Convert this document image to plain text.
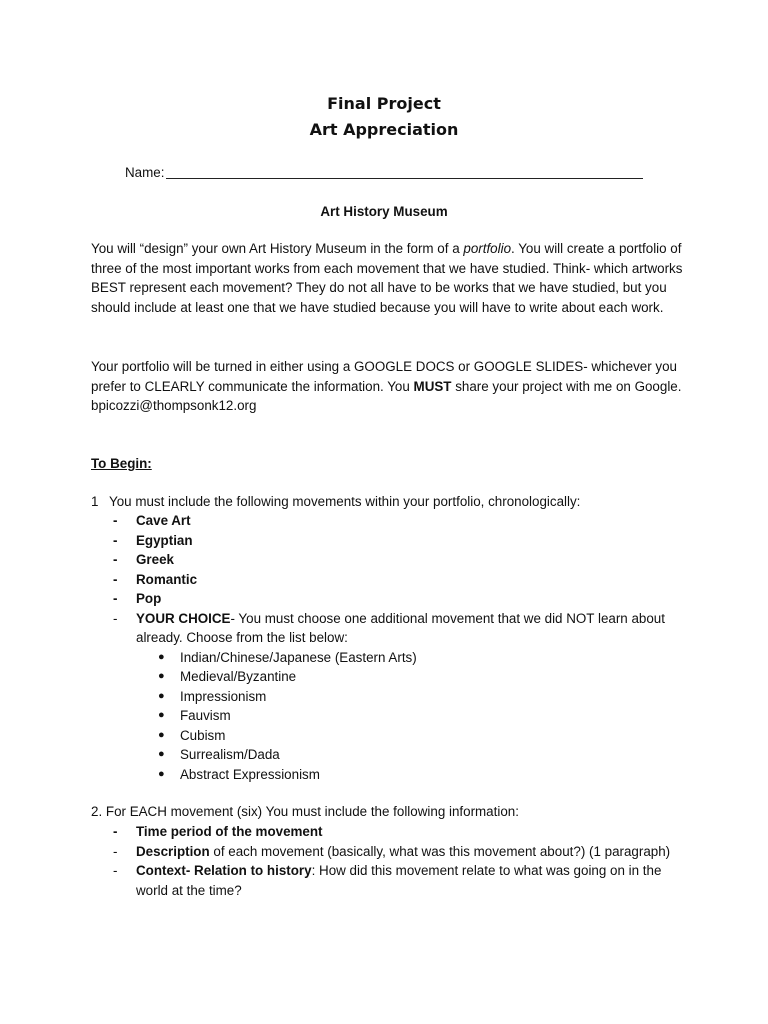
Final Project
Art Appreciation
Name:
Art History Museum

You will “design” your own Art History Museum in the form of a portfolio. You will create a portfolio of three of the most important works from each movement that we have studied. Think- which artworks BEST represent each movement? They do not all have to be works that we have studied, but you should include at least one that we have studied because you will have to write about each work.

Your portfolio will be turned in either using a GOOGLE DOCS or GOOGLE SLIDES- whichever you prefer to CLEARLY communicate the information. You MUST share your project with me on Google. bpicozzi@thompsonk12.org

To Begin:
1 You must include the following movements within your portfolio, chronologically:
-	Cave Art
-	Egyptian
-	Greek
-	Romantic
-	Pop
-	YOUR CHOICE- You must choose one additional movement that we did NOT learn about already. Choose from the list below:
● Indian/Chinese/Japanese (Eastern Arts)
● Medieval/Byzantine
● Impressionism
● Fauvism
● Cubism
● Surrealism/Dada
● Abstract Expressionism
2. For EACH movement (six) You must include the following information:
-	Time period of the movement
-	Description of each movement (basically, what was this movement about?) (1 paragraph)
-	Context- Relation to history: How did this movement relate to what was going on in the world at the time?
